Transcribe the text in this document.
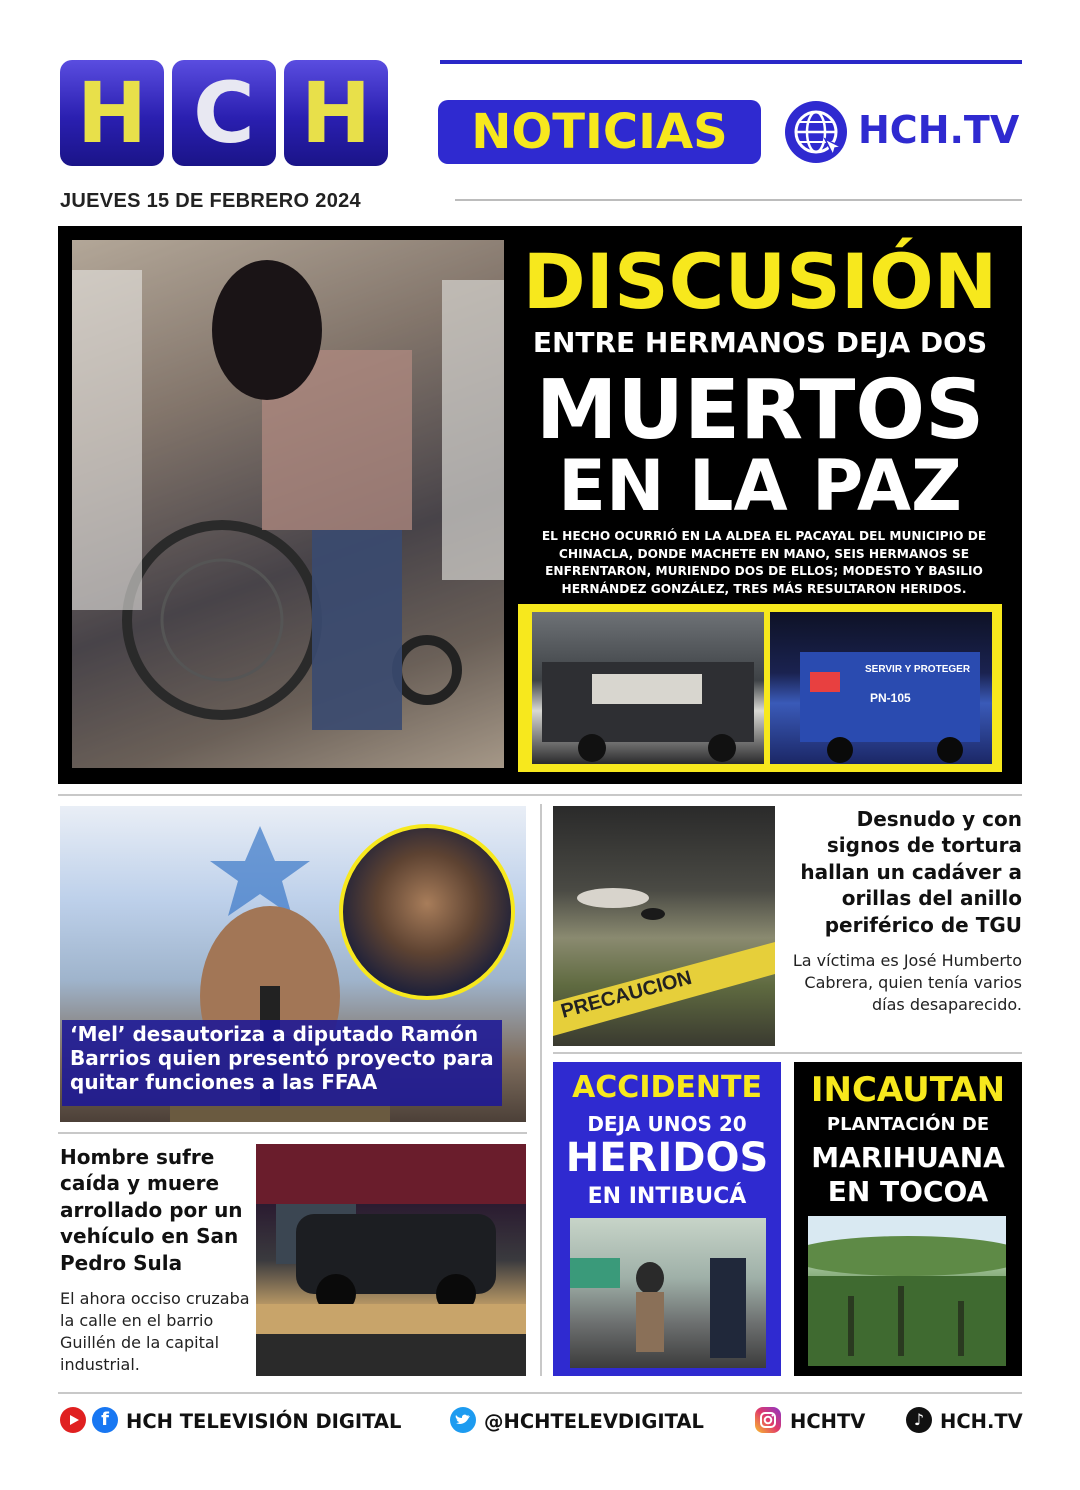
H C H NOTICIAS	HCH.TV
JUEVES 15 DE FEBRERO 2024
DISCUSIÓN
ENTRE HERMANOS DEJA DOS
MUERTOS
EN LA PAZ
EL HECHO OCURRIÓ EN LA ALDEA EL PACAYAL DEL MUNICIPIO DE CHINACLA, DONDE MACHETE EN MANO, SEIS HERMANOS SE ENFRENTARON, MURIENDO DOS DE ELLOS; MODESTO Y BASILIO HERNÁNDEZ GONZÁLEZ, TRES MÁS RESULTARON HERIDOS.
SERVIR Y PROTEGER
PN-105
‘Mel’ desautoriza a diputado Ramón Barrios quien presentó proyecto para quitar funciones a las FFAA
PRECAUCION
Desnudo y con signos de tortura hallan un cadáver a orillas del anillo periférico de TGU
La víctima es José Humberto Cabrera, quien tenía varios días desaparecido.
ACCIDENTE
DEJA UNOS 20
HERIDOS
EN INTIBUCÁ
INCAUTAN
PLANTACIÓN DE
MARIHUANA
EN TOCOA
Hombre sufre caída y muere arrollado por un vehículo en San Pedro Sula
El ahora occiso cruzaba la calle en el barrio Guillén de la capital industrial.
f HCH TELEVISIÓN DIGITAL	@HCHTELEVDIGITAL	HCHTV	♪ HCH.TV
